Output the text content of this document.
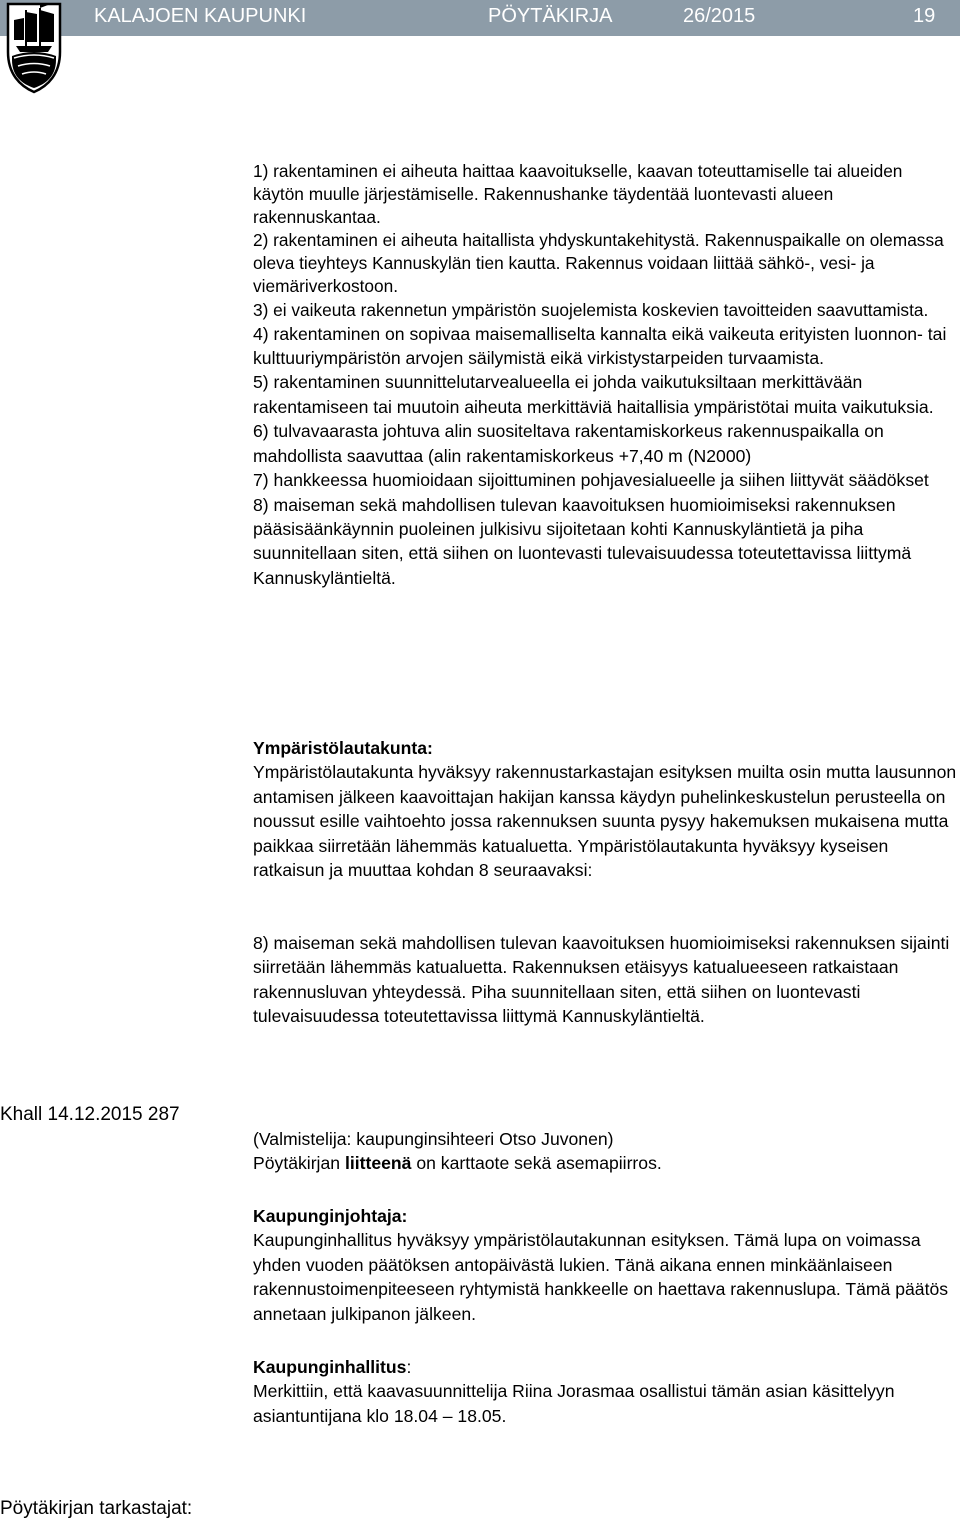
KALAJOEN KAUPUNKI	PÖYTÄKIRJA	26/2015	19

1) rakentaminen ei aiheuta haittaa kaavoitukselle, kaavan toteuttamiselle tai alueiden käytön muulle järjestämiselle. Rakennushanke täydentää luontevasti alueen rakennuskantaa.

2) rakentaminen ei aiheuta haitallista yhdyskuntakehitystä. Rakennuspaikalle on olemassa oleva tieyhteys Kannuskylän tien kautta. Rakennus voidaan liittää sähkö-, vesi- ja viemäriverkostoon.

3) ei vaikeuta rakennetun ympäristön suojelemista koskevien tavoitteiden saavuttamista.

4) rakentaminen on sopivaa maisemalliselta kannalta eikä vaikeuta erityisten luonnon- tai kulttuuriympäristön arvojen säilymistä eikä virkistystarpeiden turvaamista.

5) rakentaminen suunnittelutarvealueella ei johda vaikutuksiltaan merkittävään rakentamiseen tai muutoin aiheuta merkittäviä haitallisia ympäristötai muita vaikutuksia.

6) tulvavaarasta johtuva alin suositeltava rakentamiskorkeus rakennuspaikalla on mahdollista saavuttaa (alin rakentamiskorkeus +7,40 m (N2000)

7) hankkeessa huomioidaan sijoittuminen pohjavesialueelle ja siihen liittyvät säädökset

8) maiseman sekä mahdollisen tulevan kaavoituksen huomioimiseksi rakennuksen pääsisäänkäynnin puoleinen julkisivu sijoitetaan kohti Kannuskyläntietä ja piha suunnitellaan siten, että siihen on luontevasti tulevaisuudessa toteutettavissa liittymä Kannuskyläntieltä.

Ympäristölautakunta:

Ympäristölautakunta hyväksyy rakennustarkastajan esityksen muilta osin mutta lausunnon antamisen jälkeen kaavoittajan hakijan kanssa käydyn puhelinkeskustelun perusteella on noussut esille vaihtoehto jossa rakennuksen suunta pysyy hakemuksen mukaisena mutta paikkaa siirretään lähemmäs katualuetta. Ympäristölautakunta hyväksyy kyseisen ratkaisun ja muuttaa kohdan 8 seuraavaksi:

8) maiseman sekä mahdollisen tulevan kaavoituksen huomioimiseksi rakennuksen sijainti siirretään lähemmäs katualuetta. Rakennuksen etäisyys katualueeseen ratkaistaan rakennusluvan yhteydessä. Piha suunnitellaan siten, että siihen on luontevasti tulevaisuudessa toteutettavissa liittymä Kannuskyläntieltä.

Khall 14.12.2015 287

(Valmistelija: kaupunginsihteeri Otso Juvonen)

Pöytäkirjan liitteenä on karttaote sekä asemapiirros.

Kaupunginjohtaja:

Kaupunginhallitus hyväksyy ympäristölautakunnan esityksen. Tämä lupa on voimassa yhden vuoden päätöksen antopäivästä lukien. Tänä aikana ennen minkäänlaiseen rakennustoimenpiteeseen ryhtymistä hankkeelle on haettava rakennuslupa. Tämä päätös annetaan julkipanon jälkeen.

Kaupunginhallitus:

Merkittiin, että kaavasuunnittelija Riina Jorasmaa osallistui tämän asian käsittelyyn asiantuntijana klo 18.04 – 18.05.

Pöytäkirjan tarkastajat:
